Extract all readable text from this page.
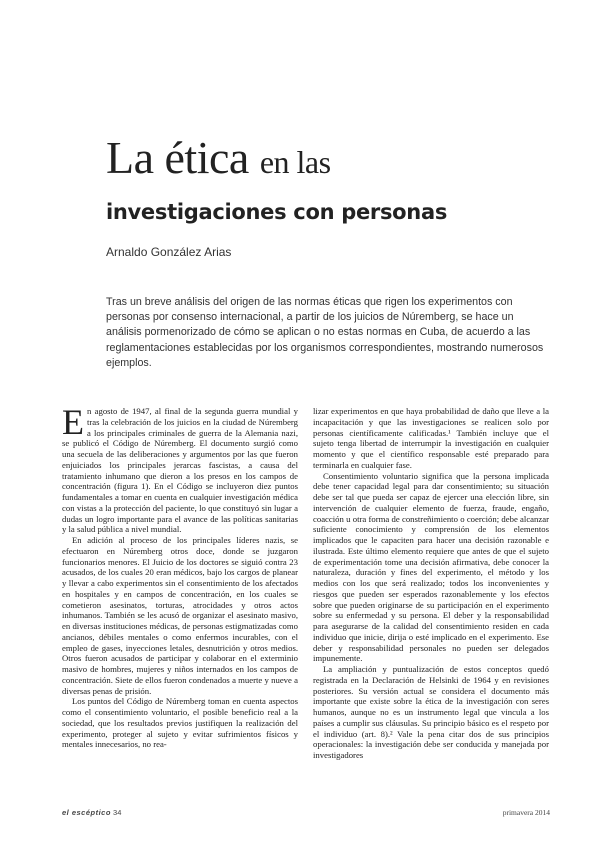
La ética en las
investigaciones con personas
Arnaldo González Arias
Tras un breve análisis del origen de las normas éticas que rigen los experimentos con personas por consenso internacional, a partir de los juicios de Núremberg, se hace un análisis pormenorizado de cómo se aplican o no estas normas en Cuba, de acuerdo a las reglamentaciones establecidas por los organismos correspondientes, mostrando numerosos ejemplos.

En agosto de 1947, al final de la segunda guerra mundial y tras la celebración de los juicios en la ciudad de Núremberg a los principales criminales de guerra de la Alemania nazi, se publicó el Código de Núremberg. El documento surgió como una secuela de las deliberaciones y argumentos por las que fueron enjuiciados los principales jerarcas fascistas, a causa del tratamiento inhumano que dieron a los presos en los campos de concentración (figura 1). En el Código se incluyeron diez puntos fundamentales a tomar en cuenta en cualquier investigación médica con vistas a la protección del paciente, lo que constituyó sin lugar a dudas un logro importante para el avance de las políticas sanitarias y la salud pública a nivel mundial.

En adición al proceso de los principales líderes nazis, se efectuaron en Núremberg otros doce, donde se juzgaron funcionarios menores. El Juicio de los doctores se siguió contra 23 acusados, de los cuales 20 eran médicos, bajo los cargos de planear y llevar a cabo experimentos sin el consentimiento de los afectados en hospitales y en campos de concentración, en los cuales se cometieron asesinatos, torturas, atrocidades y otros actos inhumanos. También se les acusó de organizar el asesinato masivo, en diversas instituciones médicas, de personas estigmatizadas como ancianos, débiles mentales o como enfermos incurables, con el empleo de gases, inyecciones letales, desnutrición y otros medios. Otros fueron acusados de participar y colaborar en el exterminio masivo de hombres, mujeres y niños internados en los campos de concentración. Siete de ellos fueron condenados a muerte y nueve a diversas penas de prisión.

Los puntos del Código de Núremberg toman en cuenta aspectos como el consentimiento voluntario, el posible beneficio real a la sociedad, que los resultados previos justifiquen la realización del experimento, proteger al sujeto y evitar sufrimientos físicos y mentales innecesarios, no rea-

lizar experimentos en que haya probabilidad de daño que lleve a la incapacitación y que las investigaciones se realicen solo por personas científicamente calificadas.¹ También incluye que el sujeto tenga libertad de interrumpir la investigación en cualquier momento y que el científico responsable esté preparado para terminarla en cualquier fase.

Consentimiento voluntario significa que la persona implicada debe tener capacidad legal para dar consentimiento; su situación debe ser tal que pueda ser capaz de ejercer una elección libre, sin intervención de cualquier elemento de fuerza, fraude, engaño, coacción u otra forma de constreñimiento o coerción; debe alcanzar suficiente conocimiento y comprensión de los elementos implicados que le capaciten para hacer una decisión razonable e ilustrada. Este último elemento requiere que antes de que el sujeto de experimentación tome una decisión afirmativa, debe conocer la naturaleza, duración y fines del experimento, el método y los medios con los que será realizado; todos los inconvenientes y riesgos que pueden ser esperados razonablemente y los efectos sobre que pueden originarse de su participación en el experimento sobre su enfermedad y su persona. El deber y la responsabilidad para asegurarse de la calidad del consentimiento residen en cada individuo que inicie, dirija o esté implicado en el experimento. Ese deber y responsabilidad personales no pueden ser delegados impunemente.

La ampliación y puntualización de estos conceptos quedó registrada en la Declaración de Helsinki de 1964 y en revisiones posteriores. Su versión actual se considera el documento más importante que existe sobre la ética de la investigación con seres humanos, aunque no es un instrumento legal que vincula a los países a cumplir sus cláusulas. Su principio básico es el respeto por el individuo (art. 8).² Vale la pena citar dos de sus principios operacionales: la investigación debe ser conducida y manejada por investigadores

el escéptico 34	primavera 2014
